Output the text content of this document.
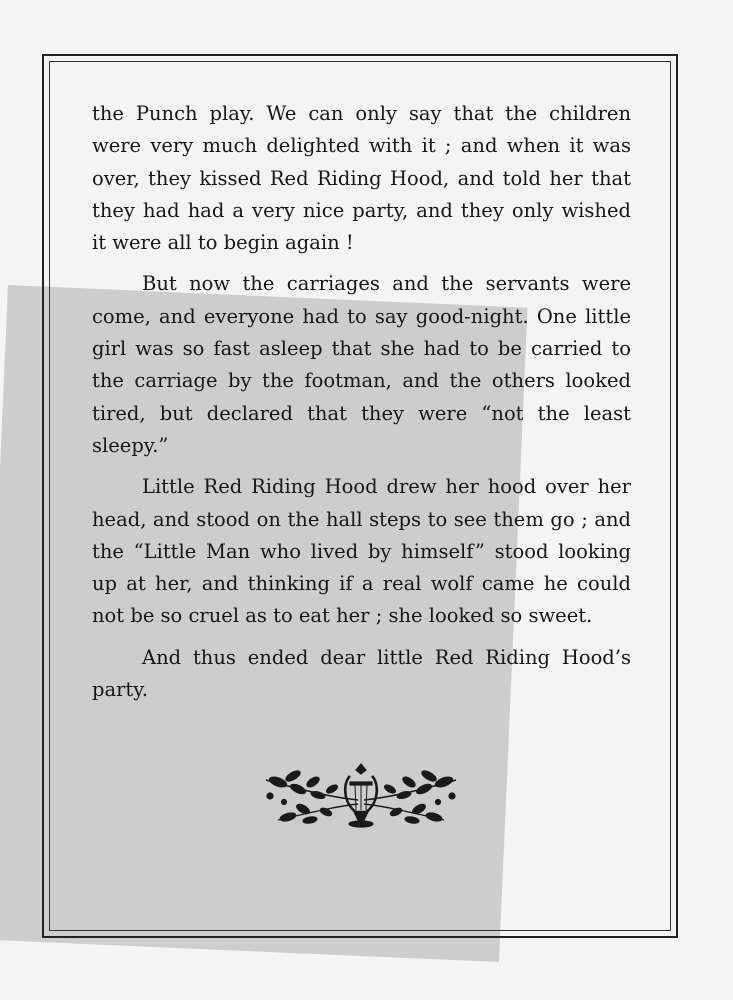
the Punch play. We can only say that the children were very much delighted with it ; and when it was over, they kissed Red Riding Hood, and told her that they had had a very nice party, and they only wished it were all to begin again !

But now the carriages and the servants were come, and everyone had to say good-night. One little girl was so fast asleep that she had to be carried to the carriage by the footman, and the others looked tired, but declared that they were “not the least sleepy.”

Little Red Riding Hood drew her hood over her head, and stood on the hall steps to see them go ; and the “Little Man who lived by himself” stood looking up at her, and thinking if a real wolf came he could not be so cruel as to eat her ; she looked so sweet.

And thus ended dear little Red Riding Hood’s party.
